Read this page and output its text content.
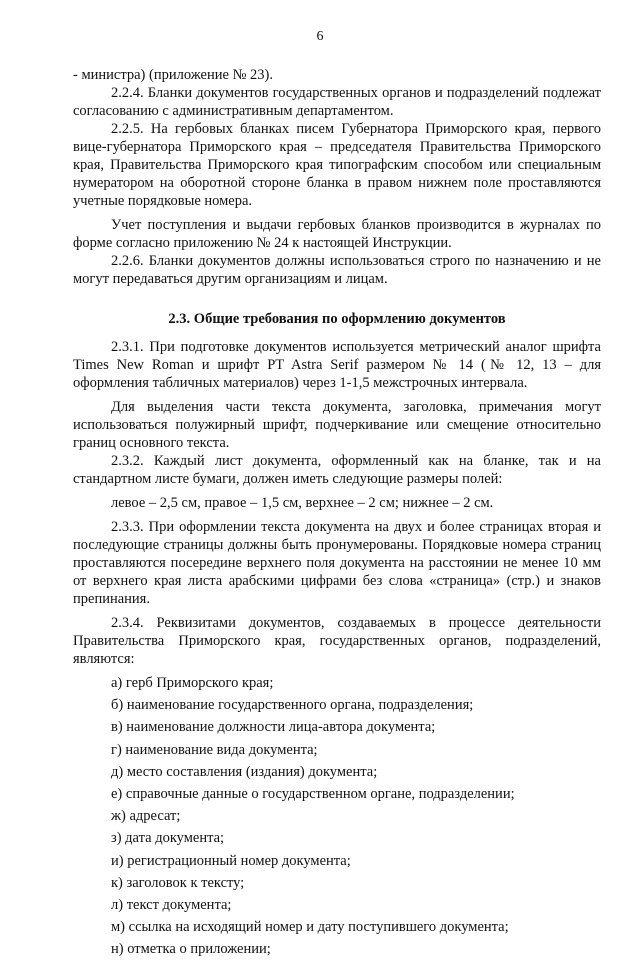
6

- министра) (приложение № 23).

2.2.4. Бланки документов государственных органов и подразделений подлежат согласованию с административным департаментом.

2.2.5. На гербовых бланках писем Губернатора Приморского края, первого вице-губернатора Приморского края – председателя Правительства Приморского края, Правительства Приморского края типографским способом или специальным нумератором на оборотной стороне бланка в правом нижнем поле проставляются учетные порядковые номера.

Учет поступления и выдачи гербовых бланков производится в журналах по форме согласно приложению № 24 к настоящей Инструкции.

2.2.6. Бланки документов должны использоваться строго по назначению и не могут передаваться другим организациям и лицам.

2.3. Общие требования по оформлению документов

2.3.1. При подготовке документов используется метрический аналог шрифта Times New Roman и шрифт PT Astra Serif размером № 14 (№ 12, 13 – для оформления табличных материалов) через 1-1,5 межстрочных интервала.

Для выделения части текста документа, заголовка, примечания могут использоваться полужирный шрифт, подчеркивание или смещение относительно границ основного текста.

2.3.2. Каждый лист документа, оформленный как на бланке, так и на стандартном листе бумаги, должен иметь следующие размеры полей:

левое – 2,5 см, правое – 1,5 см, верхнее – 2 см; нижнее – 2 см.

2.3.3. При оформлении текста документа на двух и более страницах вторая и последующие страницы должны быть пронумерованы. Порядковые номера страниц проставляются посередине верхнего поля документа на расстоянии не менее 10 мм от верхнего края листа арабскими цифрами без слова «страница» (стр.) и знаков препинания.

2.3.4. Реквизитами документов, создаваемых в процессе деятельности Правительства Приморского края, государственных органов, подразделений, являются:

а) герб Приморского края;
б) наименование государственного органа, подразделения;
в) наименование должности лица-автора документа;
г) наименование вида документа;
д) место составления (издания) документа;
е) справочные данные о государственном органе, подразделении;
ж) адресат;
з) дата документа;
и) регистрационный номер документа;
к) заголовок к тексту;
л) текст документа;
м) ссылка на исходящий номер и дату поступившего документа;
н) отметка о приложении;
